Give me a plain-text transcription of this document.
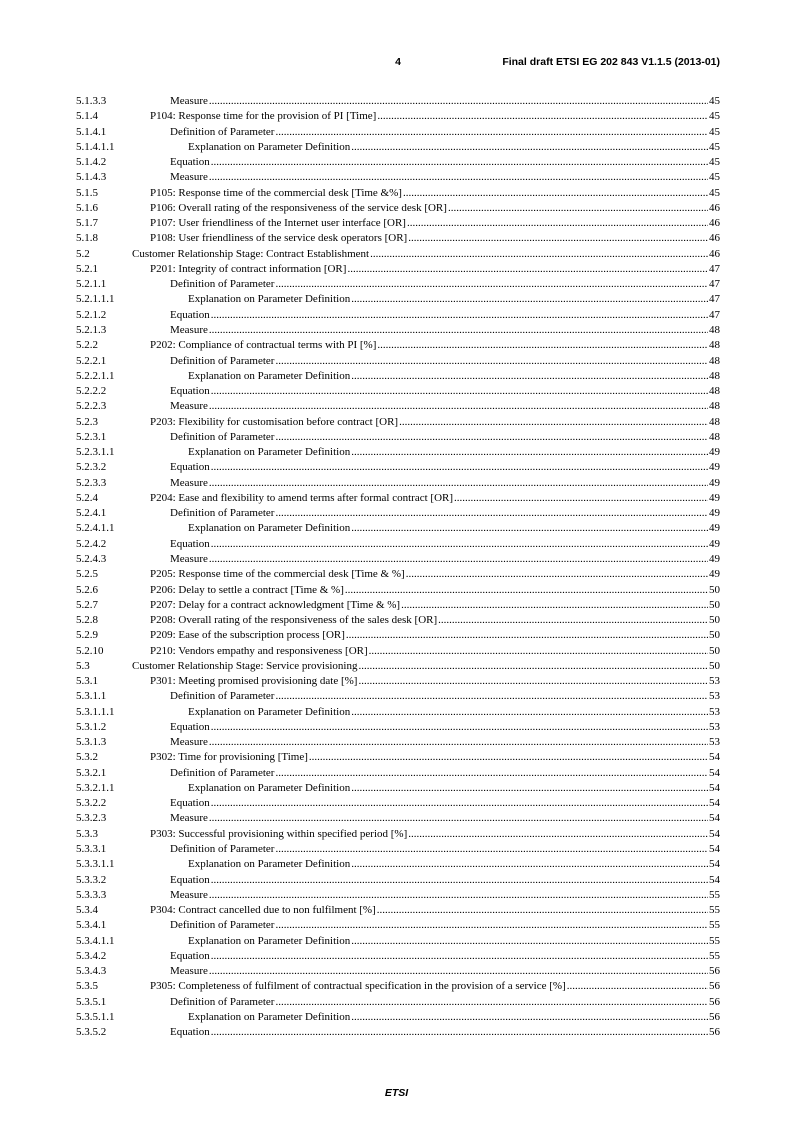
4	Final draft ETSI EG 202 843 V1.1.5 (2013-01)
5.1.3.3	Measure .....	45
5.1.4	P104: Response time for the provision of PI [Time] .....	45
5.1.4.1	Definition of Parameter .....	45
5.1.4.1.1	Explanation on Parameter Definition .....	45
5.1.4.2	Equation .....	45
5.1.4.3	Measure .....	45
5.1.5	P105: Response time of the commercial desk [Time &%] .....	45
5.1.6	P106: Overall rating of the responsiveness of the service desk [OR] .....	46
5.1.7	P107: User friendliness of the Internet user interface [OR] .....	46
5.1.8	P108: User friendliness of the service desk operators [OR] .....	46
5.2	Customer Relationship Stage: Contract Establishment .....	46
5.2.1	P201: Integrity of contract information [OR] .....	47
5.2.1.1	Definition of Parameter .....	47
5.2.1.1.1	Explanation on Parameter Definition .....	47
5.2.1.2	Equation .....	47
5.2.1.3	Measure .....	48
5.2.2	P202: Compliance of contractual terms with PI [%] .....	48
5.2.2.1	Definition of Parameter .....	48
5.2.2.1.1	Explanation on Parameter Definition .....	48
5.2.2.2	Equation .....	48
5.2.2.3	Measure .....	48
5.2.3	P203: Flexibility for customisation before contract [OR] .....	48
5.2.3.1	Definition of Parameter .....	48
5.2.3.1.1	Explanation on Parameter Definition .....	49
5.2.3.2	Equation .....	49
5.2.3.3	Measure .....	49
5.2.4	P204: Ease and flexibility to amend terms after formal contract [OR] .....	49
5.2.4.1	Definition of Parameter .....	49
5.2.4.1.1	Explanation on Parameter Definition .....	49
5.2.4.2	Equation .....	49
5.2.4.3	Measure .....	49
5.2.5	P205: Response time of the commercial desk [Time & %] .....	49
5.2.6	P206: Delay to settle a contract [Time & %] .....	50
5.2.7	P207: Delay for a contract acknowledgment [Time & %] .....	50
5.2.8	P208: Overall rating of the responsiveness of the sales desk [OR] .....	50
5.2.9	P209: Ease of the subscription process [OR] .....	50
5.2.10	P210: Vendors empathy and responsiveness [OR] .....	50
5.3	Customer Relationship Stage: Service provisioning .....	50
5.3.1	P301: Meeting promised provisioning date [%] .....	53
5.3.1.1	Definition of Parameter .....	53
5.3.1.1.1	Explanation on Parameter Definition .....	53
5.3.1.2	Equation .....	53
5.3.1.3	Measure .....	53
5.3.2	P302: Time for provisioning [Time] .....	54
5.3.2.1	Definition of Parameter .....	54
5.3.2.1.1	Explanation on Parameter Definition .....	54
5.3.2.2	Equation .....	54
5.3.2.3	Measure .....	54
5.3.3	P303: Successful provisioning within specified period [%] .....	54
5.3.3.1	Definition of Parameter .....	54
5.3.3.1.1	Explanation on Parameter Definition .....	54
5.3.3.2	Equation .....	54
5.3.3.3	Measure .....	55
5.3.4	P304: Contract cancelled due to non fulfilment [%] .....	55
5.3.4.1	Definition of Parameter .....	55
5.3.4.1.1	Explanation on Parameter Definition .....	55
5.3.4.2	Equation .....	55
5.3.4.3	Measure .....	56
5.3.5	P305: Completeness of fulfilment of contractual specification in the provision of a service [%] .....	56
5.3.5.1	Definition of Parameter .....	56
5.3.5.1.1	Explanation on Parameter Definition .....	56
5.3.5.2	Equation .....	56
ETSI
